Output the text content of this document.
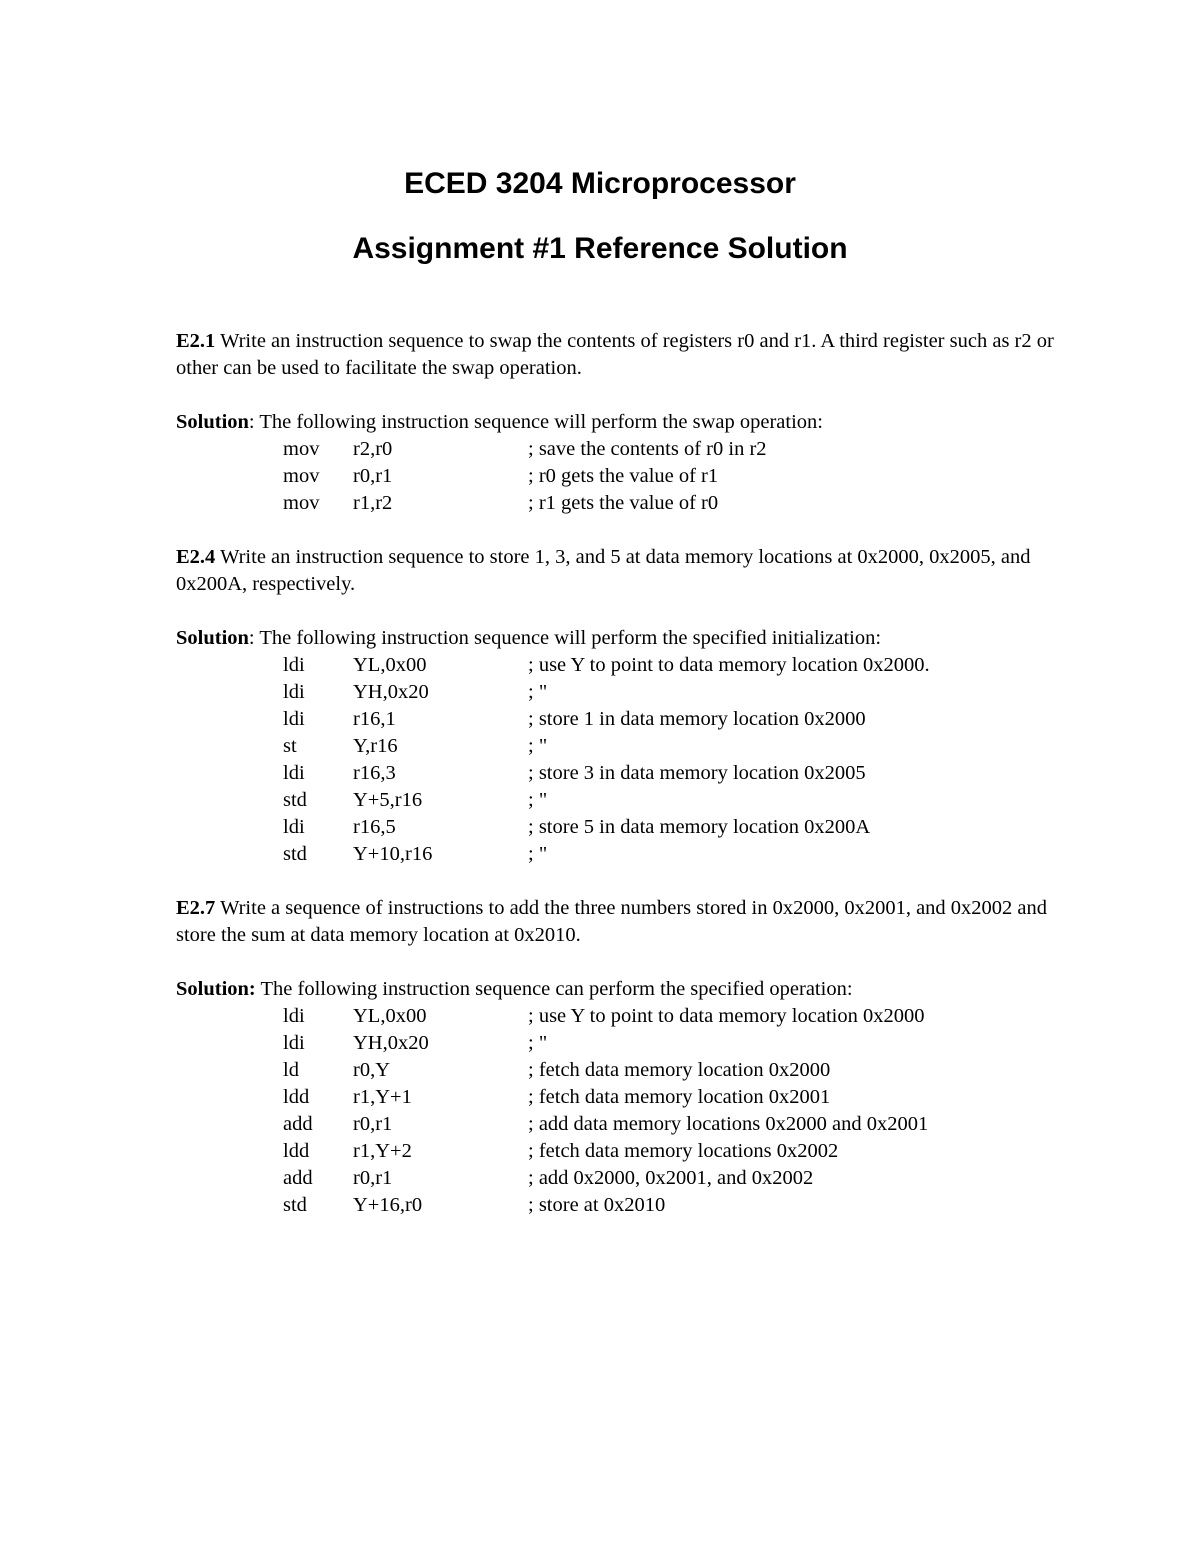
ECED 3204 Microprocessor
Assignment #1 Reference Solution

E2.1 Write an instruction sequence to swap the contents of registers r0 and r1. A third register such as r2 or other can be used to facilitate the swap operation.

Solution: The following instruction sequence will perform the swap operation:

mov r2,r0	; save the contents of r0 in r2
mov r0,r1	; r0 gets the value of r1
mov r1,r2	; r1 gets the value of r0

E2.4 Write an instruction sequence to store 1, 3, and 5 at data memory locations at 0x2000, 0x2005, and 0x200A, respectively.

Solution: The following instruction sequence will perform the specified initialization:

ldi YL,0x00	; use Y to point to data memory location 0x2000.
ldi YH,0x20	; "
ldi r16,1	; store 1 in data memory location 0x2000
st	Y,r16	; "
ldi r16,3	; store 3 in data memory location 0x2005
std Y+5,r16	; "
ldi r16,5	; store 5 in data memory location 0x200A
std Y+10,r16	; "

E2.7 Write a sequence of instructions to add the three numbers stored in 0x2000, 0x2001, and 0x2002 and store the sum at data memory location at 0x2010.

Solution: The following instruction sequence can perform the specified operation:

ldi YL,0x00	; use Y to point to data memory location 0x2000
ldi YH,0x20	; "
ld	r0,Y	; fetch data memory location 0x2000
ldd r1,Y+1	; fetch data memory location 0x2001
add r0,r1	; add data memory locations 0x2000 and 0x2001
ldd r1,Y+2	; fetch data memory locations 0x2002
add r0,r1	; add 0x2000, 0x2001, and 0x2002
std Y+16,r0	; store at 0x2010
